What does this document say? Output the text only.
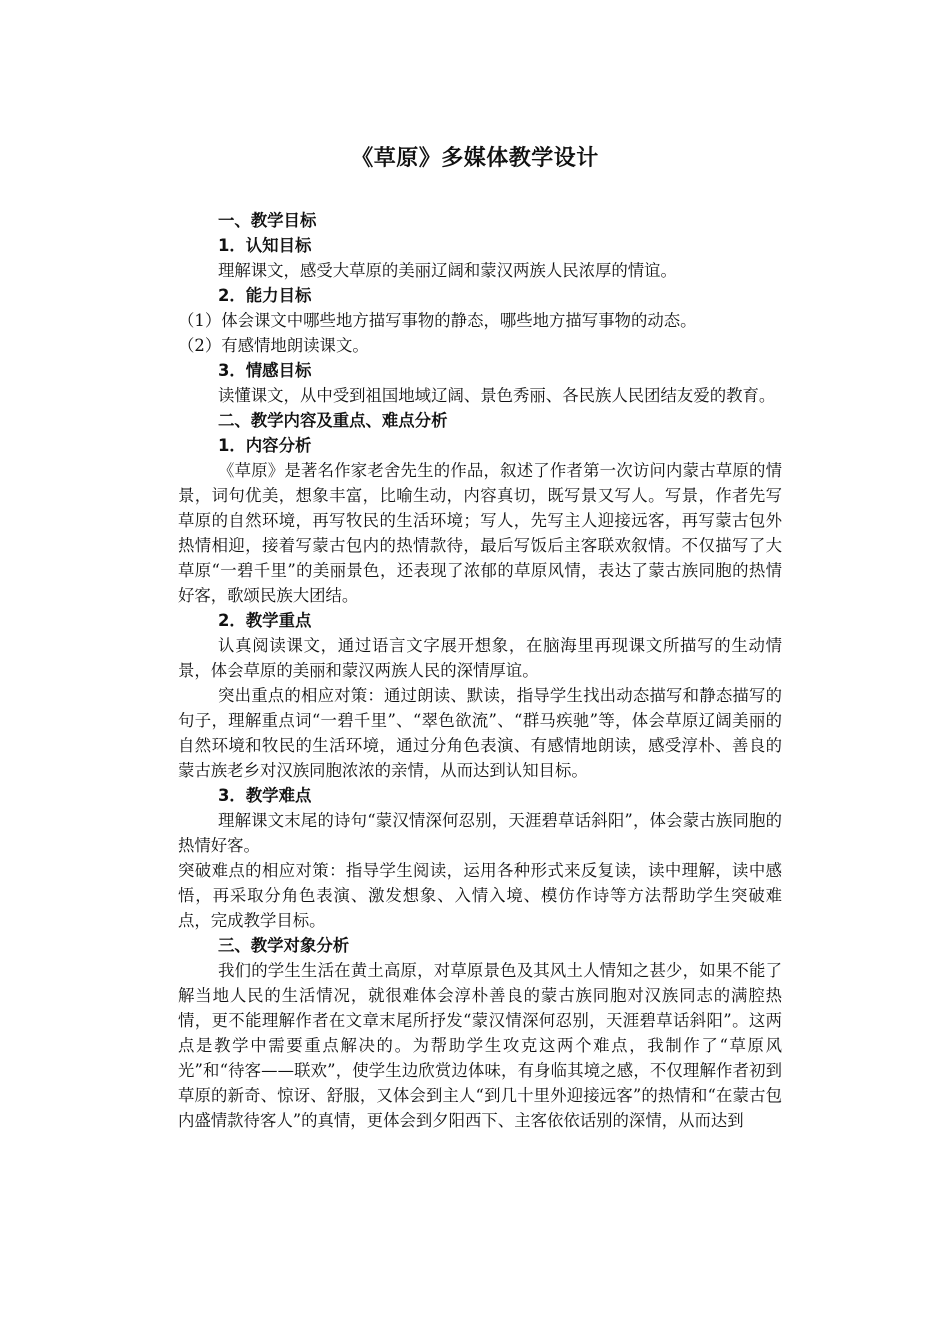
《草原》多媒体教学设计

一、教学目标

1．认知目标

理解课文，感受大草原的美丽辽阔和蒙汉两族人民浓厚的情谊。

2．能力目标

（1）体会课文中哪些地方描写事物的静态，哪些地方描写事物的动态。

（2）有感情地朗读课文。

3．情感目标

读懂课文，从中受到祖国地域辽阔、景色秀丽、各民族人民团结友爱的教育。

二、教学内容及重点、难点分析

1．内容分析

《草原》是著名作家老舍先生的作品，叙述了作者第一次访问内蒙古草原的情景，词句优美，想象丰富，比喻生动，内容真切，既写景又写人。写景，作者先写草原的自然环境，再写牧民的生活环境；写人，先写主人迎接远客，再写蒙古包外热情相迎，接着写蒙古包内的热情款待，最后写饭后主客联欢叙情。不仅描写了大草原“一碧千里”的美丽景色，还表现了浓郁的草原风情，表达了蒙古族同胞的热情好客，歌颂民族大团结。

2．教学重点

认真阅读课文，通过语言文字展开想象，在脑海里再现课文所描写的生动情景，体会草原的美丽和蒙汉两族人民的深情厚谊。

突出重点的相应对策：通过朗读、默读，指导学生找出动态描写和静态描写的句子，理解重点词“一碧千里”、“翠色欲流”、“群马疾驰”等，体会草原辽阔美丽的自然环境和牧民的生活环境，通过分角色表演、有感情地朗读，感受淳朴、善良的蒙古族老乡对汉族同胞浓浓的亲情，从而达到认知目标。

3．教学难点

理解课文末尾的诗句“蒙汉情深何忍别，天涯碧草话斜阳”，体会蒙古族同胞的热情好客。

突破难点的相应对策：指导学生阅读，运用各种形式来反复读，读中理解，读中感悟，再采取分角色表演、激发想象、入情入境、模仿作诗等方法帮助学生突破难点，完成教学目标。

三、教学对象分析

我们的学生生活在黄土高原，对草原景色及其风土人情知之甚少，如果不能了解当地人民的生活情况，就很难体会淳朴善良的蒙古族同胞对汉族同志的满腔热情，更不能理解作者在文章末尾所抒发“蒙汉情深何忍别，天涯碧草话斜阳”。这两点是教学中需要重点解决的。为帮助学生攻克这两个难点，我制作了“草原风光”和“待客——联欢”，使学生边欣赏边体味，有身临其境之感，不仅理解作者初到草原的新奇、惊讶、舒服，又体会到主人“到几十里外迎接远客”的热情和“在蒙古包内盛情款待客人”的真情，更体会到夕阳西下、主客依依话别的深情，从而达到
